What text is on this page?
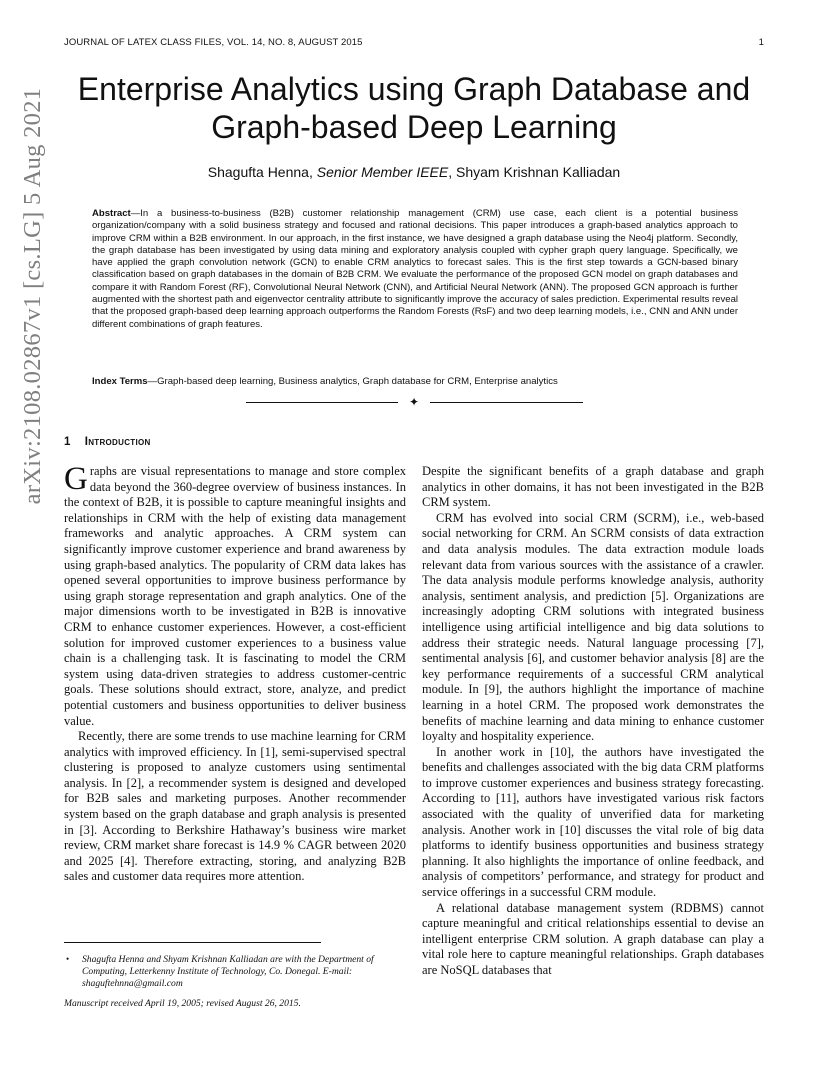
JOURNAL OF LATEX CLASS FILES, VOL. 14, NO. 8, AUGUST 2015	1
arXiv:2108.02867v1 [cs.LG] 5 Aug 2021 Enterprise Analytics using Graph Database and Graph-based Deep Learning
Shagufta Henna, Senior Member IEEE, Shyam Krishnan Kalliadan

Abstract—In a business-to-business (B2B) customer relationship management (CRM) use case, each client is a potential business organization/company with a solid business strategy and focused and rational decisions. This paper introduces a graph-based analytics approach to improve CRM within a B2B environment. In our approach, in the first instance, we have designed a graph database using the Neo4j platform. Secondly, the graph database has been investigated by using data mining and exploratory analysis coupled with cypher graph query language. Specifically, we have applied the graph convolution network (GCN) to enable CRM analytics to forecast sales. This is the first step towards a GCN-based binary classification based on graph databases in the domain of B2B CRM. We evaluate the performance of the proposed GCN model on graph databases and compare it with Random Forest (RF), Convolutional Neural Network (CNN), and Artificial Neural Network (ANN). The proposed GCN approach is further augmented with the shortest path and eigenvector centrality attribute to significantly improve the accuracy of sales prediction. Experimental results reveal that the proposed graph-based deep learning approach outperforms the Random Forests (RsF) and two deep learning models, i.e., CNN and ANN under different combinations of graph features.

Index Terms—Graph-based deep learning, Business analytics, Graph database for CRM, Enterprise analytics

✦
1 Introduction

Graphs are visual representations to manage and store complex data beyond the 360-degree overview of business instances. In the context of B2B, it is possible to capture meaningful insights and relationships in CRM with the help of existing data management frameworks and analytic approaches. A CRM system can significantly improve customer experience and brand awareness by using graph-based analytics. The popularity of CRM data lakes has opened several opportunities to improve business performance by using graph storage representation and graph analytics. One of the major dimensions worth to be investigated in B2B is innovative CRM to enhance customer experiences. However, a cost-efficient solution for improved customer experiences to a business value chain is a challenging task. It is fascinating to model the CRM system using data-driven strategies to address customer-centric goals. These solutions should extract, store, analyze, and predict potential customers and business opportunities to deliver business value.

Recently, there are some trends to use machine learning for CRM analytics with improved efficiency. In [1], semi-supervised spectral clustering is proposed to analyze customers using sentimental analysis. In [2], a recommender system is designed and developed for B2B sales and marketing purposes. Another recommender system based on the graph database and graph analysis is presented in [3]. According to Berkshire Hathaway’s business wire market review, CRM market share forecast is 14.9 % CAGR between 2020 and 2025 [4]. Therefore extracting, storing, and analyzing B2B sales and customer data requires more attention.

Despite the significant benefits of a graph database and graph analytics in other domains, it has not been investigated in the B2B CRM system.

CRM has evolved into social CRM (SCRM), i.e., web-based social networking for CRM. An SCRM consists of data extraction and data analysis modules. The data extraction module loads relevant data from various sources with the assistance of a crawler. The data analysis module performs knowledge analysis, authority analysis, sentiment analysis, and prediction [5]. Organizations are increasingly adopting CRM solutions with integrated business intelligence using artificial intelligence and big data solutions to address their strategic needs. Natural language processing [7], sentimental analysis [6], and customer behavior analysis [8] are the key performance requirements of a successful CRM analytical module. In [9], the authors highlight the importance of machine learning in a hotel CRM. The proposed work demonstrates the benefits of machine learning and data mining to enhance customer loyalty and hospitality experience.

In another work in [10], the authors have investigated the benefits and challenges associated with the big data CRM platforms to improve customer experiences and business strategy forecasting. According to [11], authors have investigated various risk factors associated with the quality of unverified data for marketing analysis. Another work in [10] discusses the vital role of big data platforms to identify business opportunities and business strategy planning. It also highlights the importance of online feedback, and analysis of competitors’ performance, and strategy for product and service offerings in a successful CRM module.

A relational database management system (RDBMS) cannot capture meaningful and critical relationships essential to devise an intelligent enterprise CRM solution. A graph database can play a vital role here to capture meaningful relationships. Graph databases are NoSQL databases that

• Shagufta Henna and Shyam Krishnan Kalliadan are with the Department of Computing, Letterkenny Institute of Technology, Co. Donegal. E-mail: shaguftehnna@gmail.com
Manuscript received April 19, 2005; revised August 26, 2015.
